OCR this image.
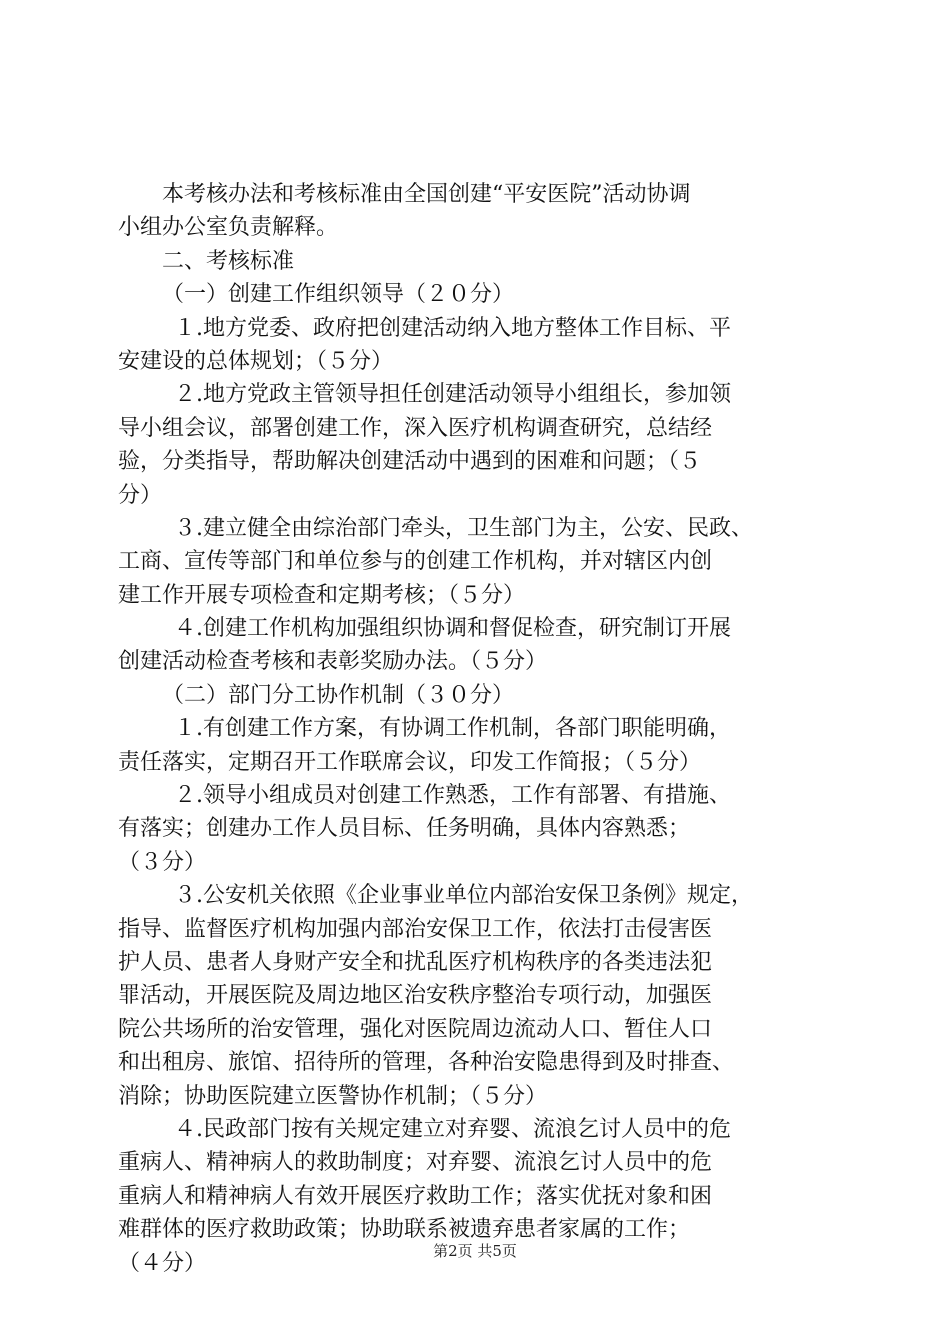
本考核办法和考核标准由全国创建“平安医院”活动协调
小组办公室负责解释。
二、考核标准
（一）创建工作组织领导（２０分）
１.地方党委、政府把创建活动纳入地方整体工作目标、平
安建设的总体规划；（５分）
２.地方党政主管领导担任创建活动领导小组组长，参加领
导小组会议，部署创建工作，深入医疗机构调查研究，总结经
验，分类指导，帮助解决创建活动中遇到的困难和问题；（５
分）
３.建立健全由综治部门牵头，卫生部门为主，公安、民政、
工商、宣传等部门和单位参与的创建工作机构，并对辖区内创
建工作开展专项检查和定期考核；（５分）
４.创建工作机构加强组织协调和督促检查，研究制订开展
创建活动检查考核和表彰奖励办法。（５分）
（二）部门分工协作机制（３０分）
１.有创建工作方案，有协调工作机制，各部门职能明确，
责任落实，定期召开工作联席会议，印发工作简报；（５分）
２.领导小组成员对创建工作熟悉，工作有部署、有措施、
有落实；创建办工作人员目标、任务明确，具体内容熟悉；
（３分）
３.公安机关依照《企业事业单位内部治安保卫条例》规定，
指导、监督医疗机构加强内部治安保卫工作，依法打击侵害医
护人员、患者人身财产安全和扰乱医疗机构秩序的各类违法犯
罪活动，开展医院及周边地区治安秩序整治专项行动，加强医
院公共场所的治安管理，强化对医院周边流动人口、暂住人口
和出租房、旅馆、招待所的管理，各种治安隐患得到及时排查、
消除；协助医院建立医警协作机制；（５分）
４.民政部门按有关规定建立对弃婴、流浪乞讨人员中的危
重病人、精神病人的救助制度；对弃婴、流浪乞讨人员中的危
重病人和精神病人有效开展医疗救助工作；落实优抚对象和困
难群体的医疗救助政策；协助联系被遗弃患者家属的工作；
（４分）	第2页 共5页
